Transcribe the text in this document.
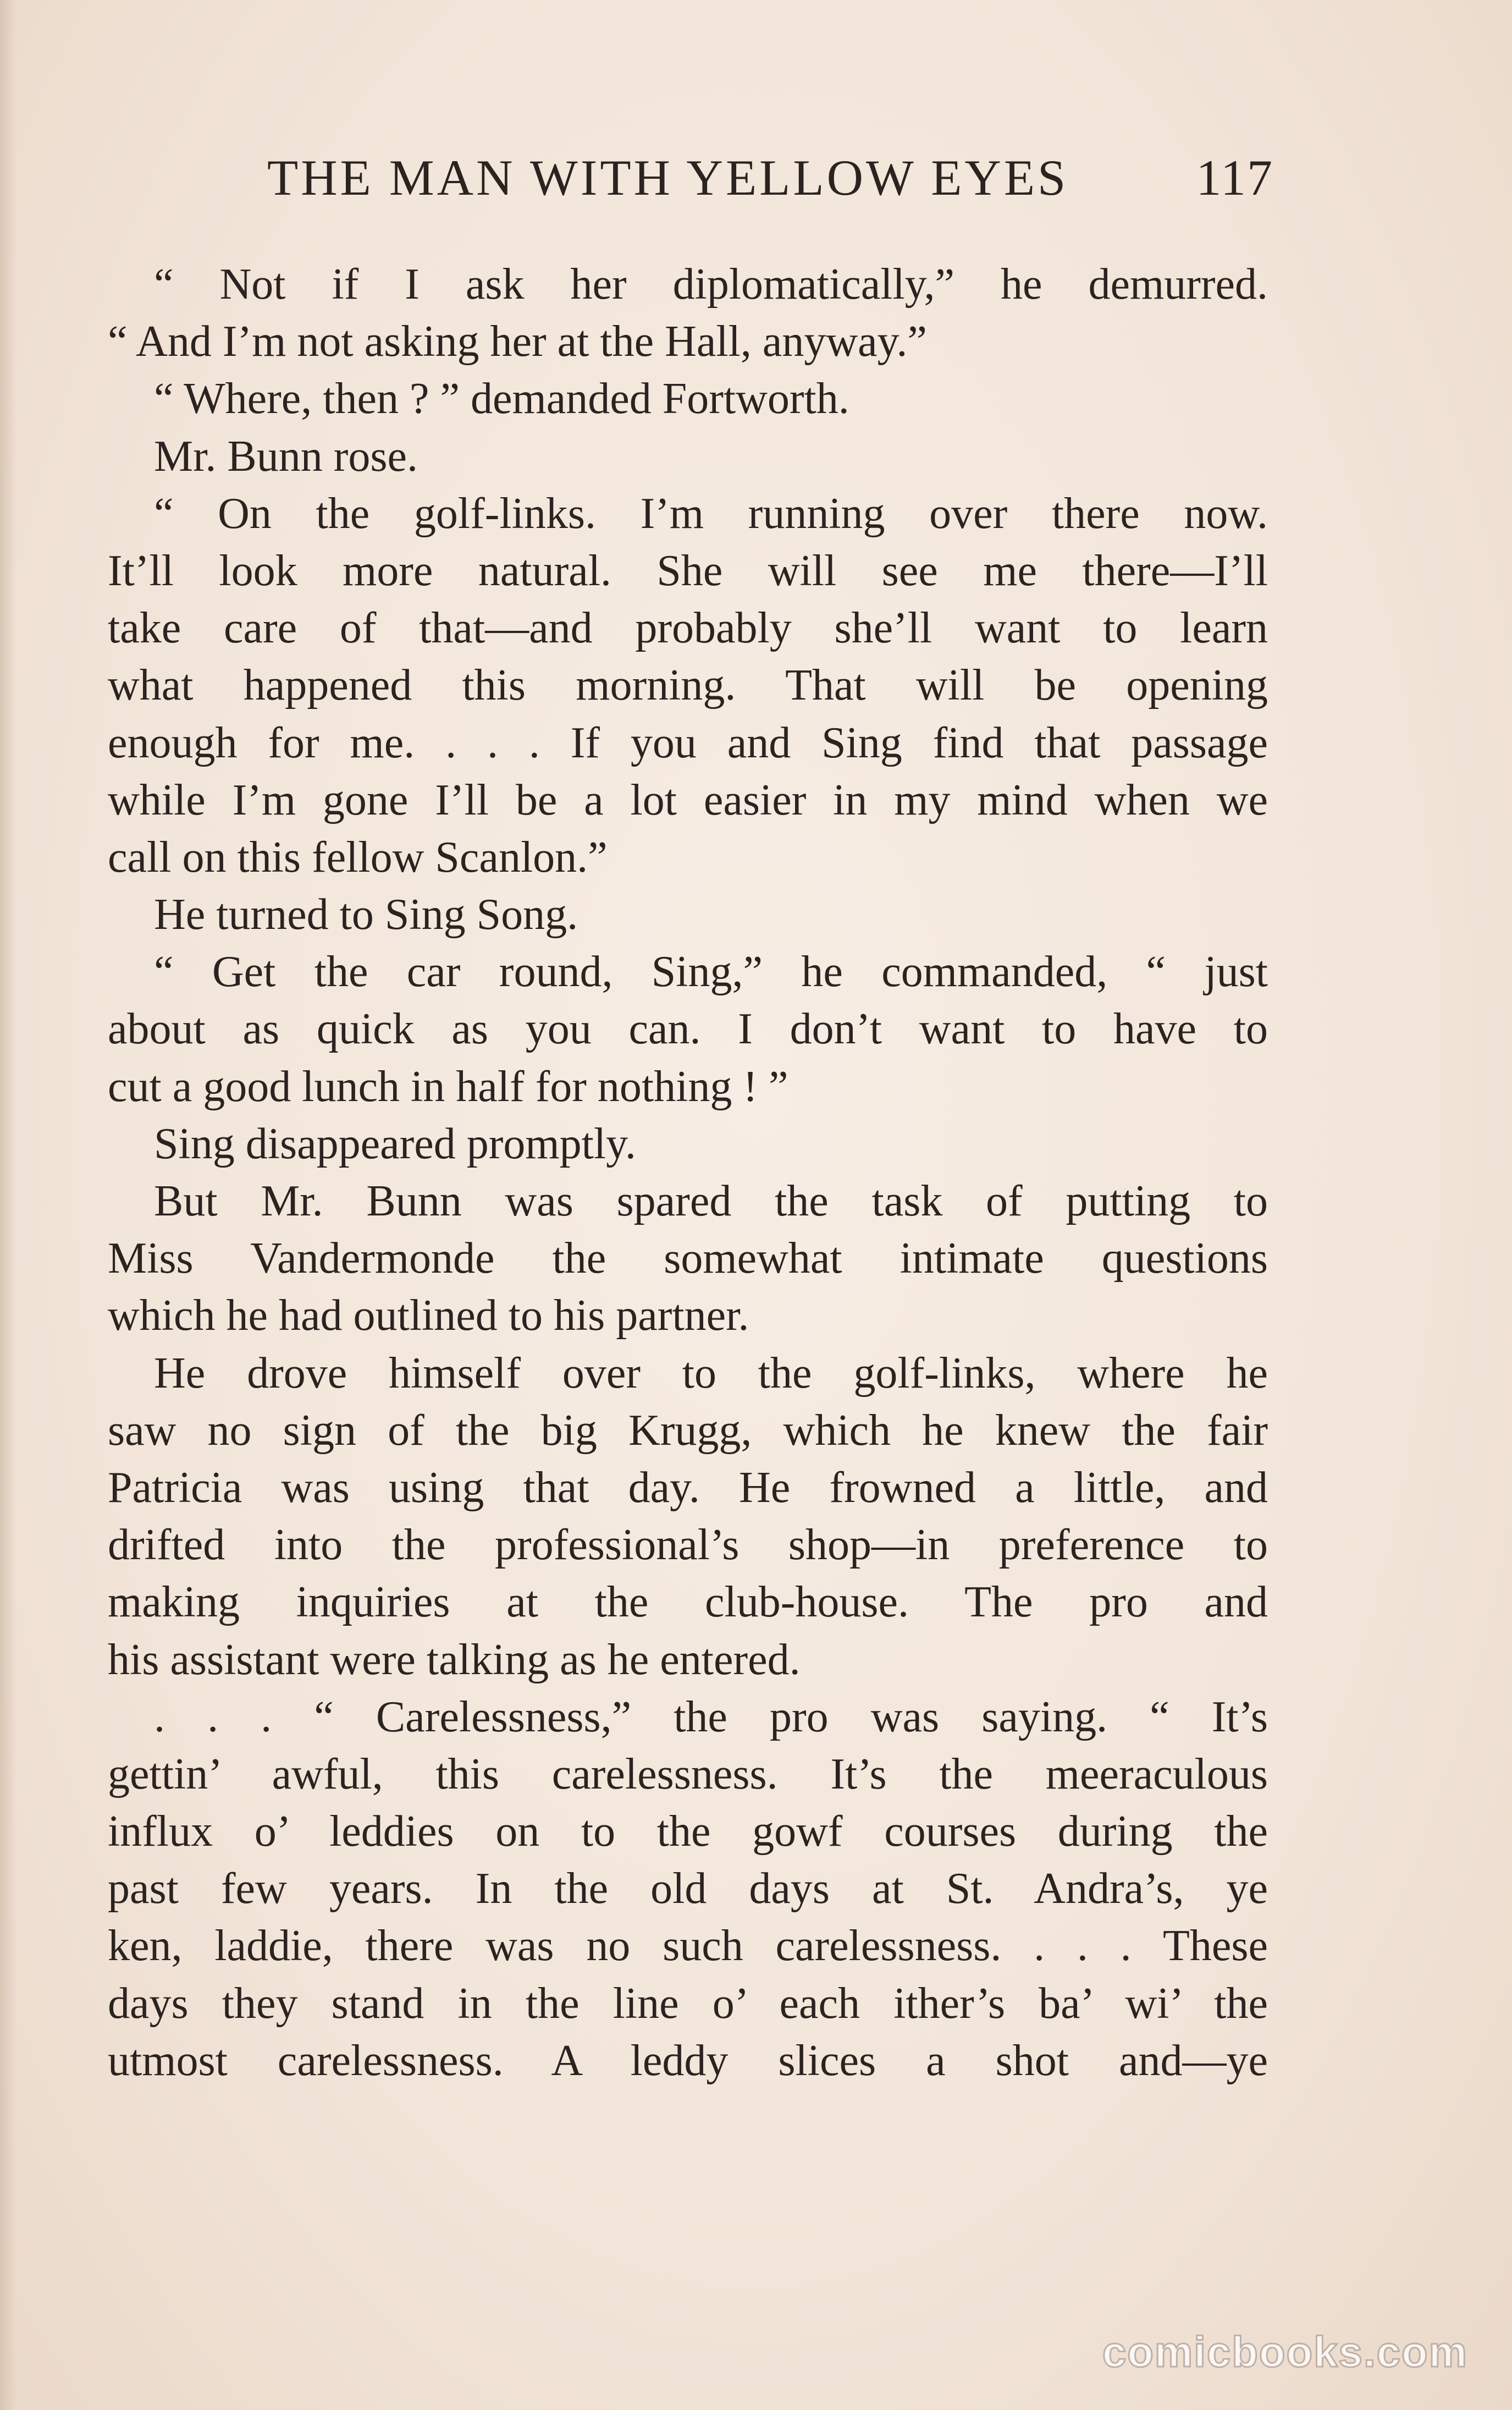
THE MAN WITH YELLOW EYES	117
“ Not if I ask her diplomatically,” he demurred.
“ And I’m not asking her at the Hall, anyway.”
“ Where, then ? ” demanded Fortworth.
Mr. Bunn rose.
“ On the golf-links. I’m running over there now.
It’ll look more natural. She will see me there—I’ll
take care of that—and probably she’ll want to learn
what happened this morning. That will be opening
enough for me. . . . If you and Sing find that passage
while I’m gone I’ll be a lot easier in my mind when we
call on this fellow Scanlon.”
He turned to Sing Song.
“ Get the car round, Sing,” he commanded, “ just
about as quick as you can. I don’t want to have to
cut a good lunch in half for nothing ! ”
Sing disappeared promptly.
But Mr. Bunn was spared the task of putting to
Miss Vandermonde the somewhat intimate questions
which he had outlined to his partner.
He drove himself over to the golf-links, where he
saw no sign of the big Krugg, which he knew the fair
Patricia was using that day. He frowned a little, and
drifted into the professional’s shop—in preference to
making inquiries at the club-house. The pro and
his assistant were talking as he entered.
. . . “ Carelessness,” the pro was saying. “ It’s
gettin’ awful, this carelessness. It’s the meeraculous
influx o’ leddies on to the gowf courses during the
past few years. In the old days at St. Andra’s, ye
ken, laddie, there was no such carelessness. . . . These
days they stand in the line o’ each ither’s ba’ wi’ the
utmost carelessness. A leddy slices a shot and—ye
comicbooks.com
